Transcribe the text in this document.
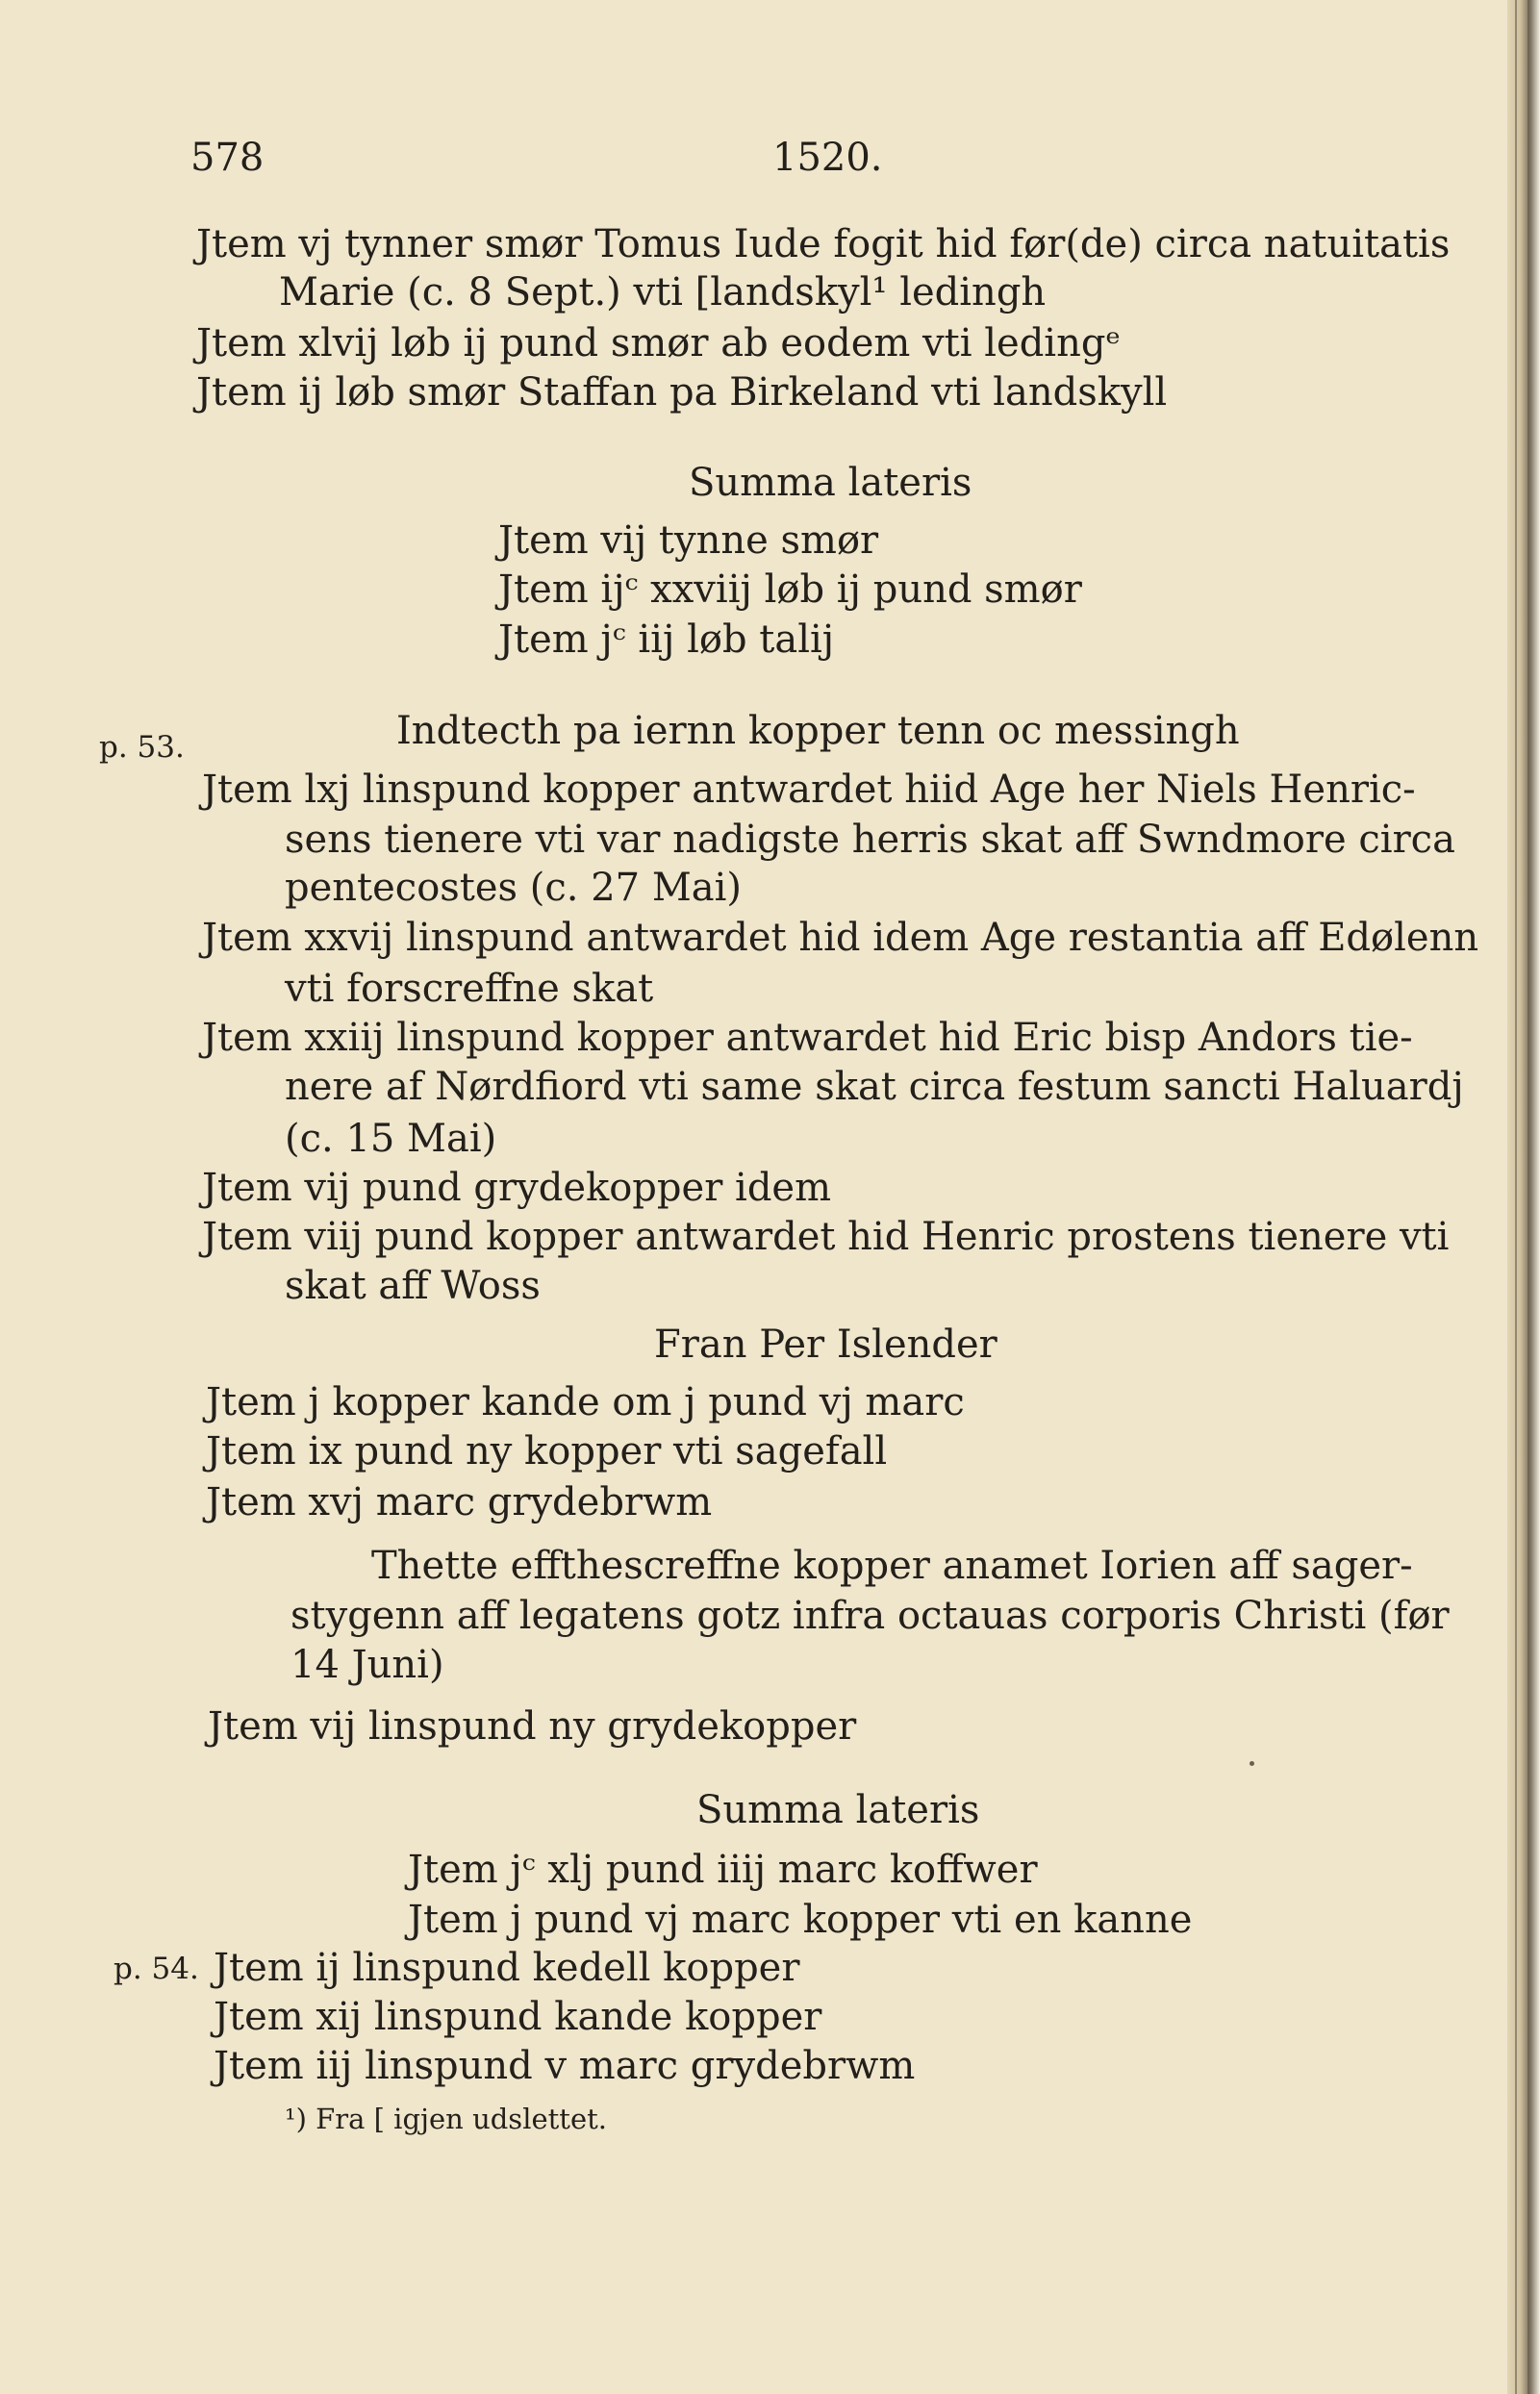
578	1520.
Jtem vj tynner smør Tomus Iude fogit hid før(de) circa natuitatis
Marie (c. 8 Sept.) vti [landskyl¹ ledingh
Jtem xlvij løb ij pund smør ab eodem vti ledingᵉ
Jtem ij løb smør Staffan pa Birkeland vti landskyll
Summa lateris
Jtem vij tynne smør
Jtem ijᶜ xxviij løb ij pund smør
Jtem jᶜ iij løb talij
p. 53.	Indtecth pa iernn kopper tenn oc messingh
Jtem lxj linspund kopper antwardet hiid Age her Niels Henric-
sens tienere vti var nadigste herris skat aff Swndmore circa
pentecostes (c. 27 Mai)
Jtem xxvij linspund antwardet hid idem Age restantia aff Edølenn
vti forscreffne skat
Jtem xxiij linspund kopper antwardet hid Eric bisp Andors tie-
nere af Nørdfiord vti same skat circa festum sancti Haluardj
(c. 15 Mai)
Jtem vij pund grydekopper idem
Jtem viij pund kopper antwardet hid Henric prostens tienere vti
skat aff Woss
Fran Per Islender
Jtem j kopper kande om j pund vj marc
Jtem ix pund ny kopper vti sagefall
Jtem xvj marc grydebrwm
Thette effthescreffne kopper anamet Iorien aff sager-
stygenn aff legatens gotz infra octauas corporis Christi (før
14 Juni)
Jtem vij linspund ny grydekopper
Summa lateris
Jtem jᶜ xlj pund iiij marc koffwer
Jtem j pund vj marc kopper vti en kanne
p. 54. Jtem ij linspund kedell kopper
Jtem xij linspund kande kopper
Jtem iij linspund v marc grydebrwm
¹) Fra [ igjen udslettet.
